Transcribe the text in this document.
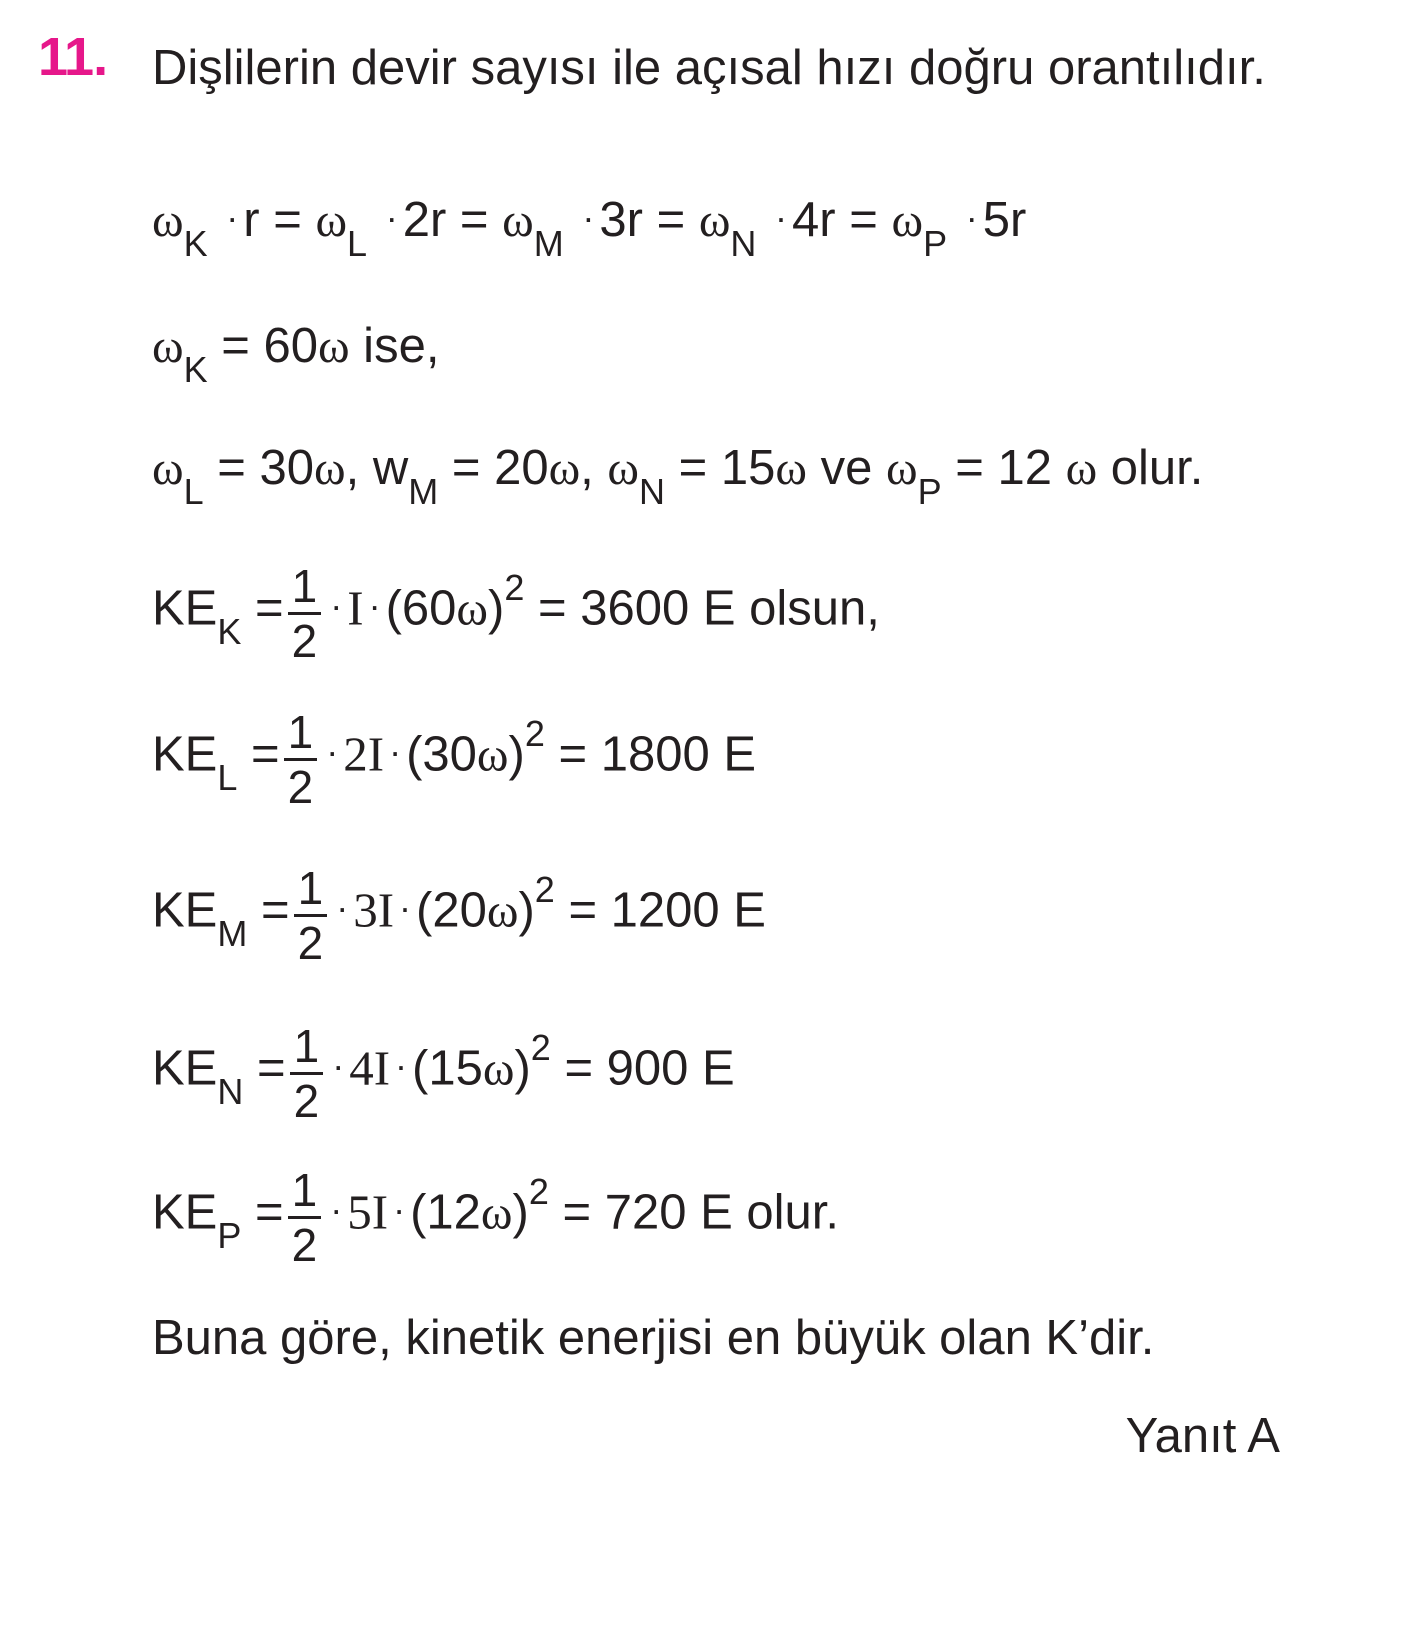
11. Dişlilerin devir sayısı ile açısal hızı doğru orantılıdır.
$\omega_K \cdot r = \omega_L \cdot 2r = \omega_M \cdot 3r = \omega_N \cdot 4r = \omega_P \cdot 5r$
$\omega_K = 60\omega$ ise,
$\omega_L = 30\omega$, $w_M = 20\omega$, $\omega_N = 15\omega$ ve $\omega_P = 12$ ω olur.
$KE_K = \frac{1}{2} \cdot I \cdot (60\omega)^2 = 3600$ E olsun,
$KE_L = \frac{1}{2} \cdot 2I \cdot (30\omega)^2 = 1800$ E
$KE_M = \frac{1}{2} \cdot 3I \cdot (20\omega)^2 = 1200$ E
$KE_N = \frac{1}{2} \cdot 4I \cdot (15\omega)^2 = 900$ E
$KE_P = \frac{1}{2} \cdot 5I \cdot (12\omega)^2 = 720$ E olur.
Buna göre, kinetik enerjisi en büyük olan K’dir.
Yanıt A
